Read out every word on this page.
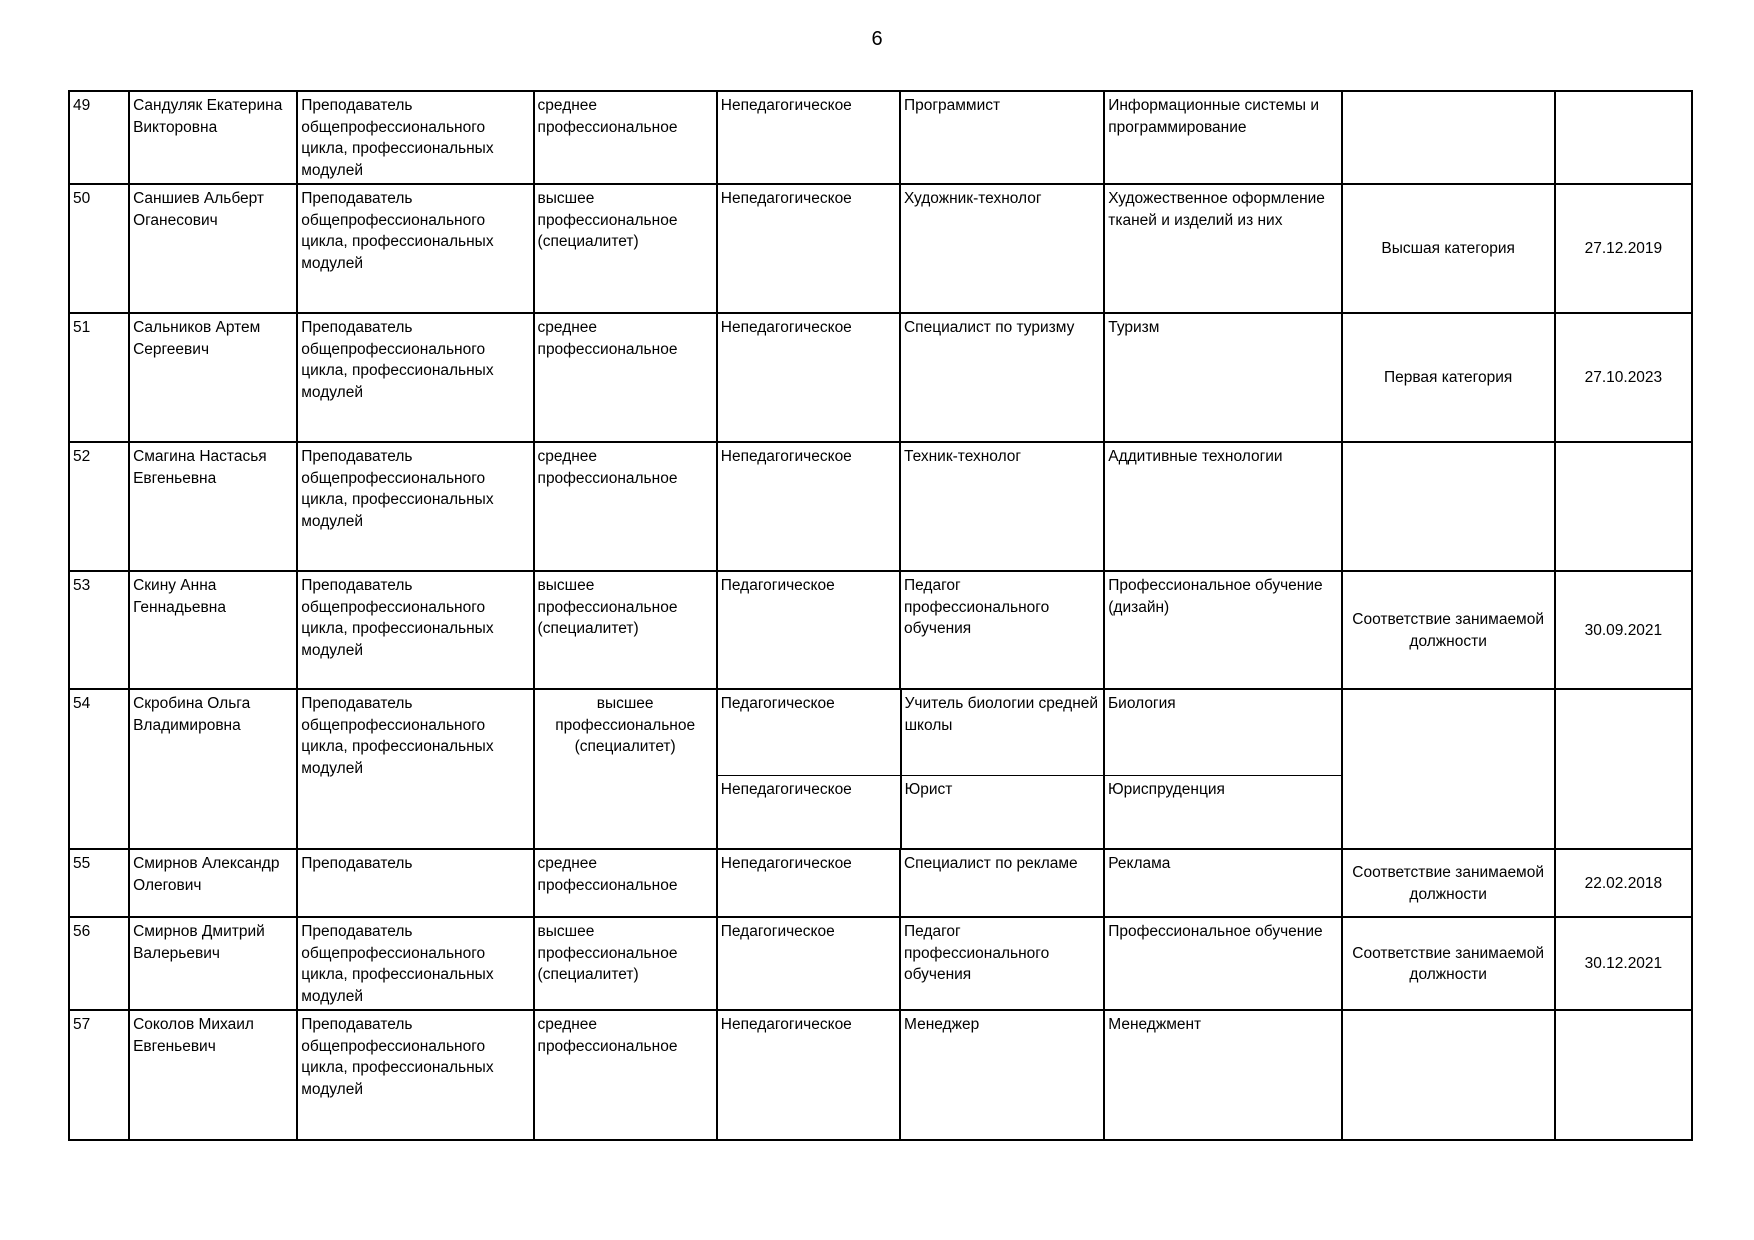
6
49	Сандуляк Екатерина Викторовна	Преподаватель общепрофессионального цикла, профессиональных модулей	среднее профессиональное	Непедагогическое	Программист	Информационные системы и программирование		
50	Саншиев Альберт Оганесович	Преподаватель общепрофессионального цикла, профессиональных модулей	высшее профессиональное (специалитет)	Непедагогическое	Художник-технолог	Художественное оформление тканей и изделий из них	Высшая категория	27.12.2019
51	Сальников Артем Сергеевич	Преподаватель общепрофессионального цикла, профессиональных модулей	среднее профессиональное	Непедагогическое	Специалист по туризму	Туризм	Первая категория	27.10.2023
52	Смагина Настасья Евгеньевна	Преподаватель общепрофессионального цикла, профессиональных модулей	среднее профессиональное	Непедагогическое	Техник-технолог	Аддитивные технологии		
53	Скину Анна Геннадьевна	Преподаватель общепрофессионального цикла, профессиональных модулей	высшее профессиональное (специалитет)	Педагогическое	Педагог профессионального обучения	Профессиональное обучение (дизайн)	Соответствие занимаемой должности	30.09.2021
54	Скробина Ольга Владимировна	Преподаватель общепрофессионального цикла, профессиональных модулей	высшее профессиональное (специалитет)	
Педагогическое	Учитель биологии средней школы	Биология
Непедагогическое	Юрист	Юриспруденция

55	Смирнов Александр Олегович	Преподаватель	среднее профессиональное	Непедагогическое	Специалист по рекламе	Реклама	Соответствие занимаемой должности	22.02.2018
56	Смирнов Дмитрий Валерьевич	Преподаватель общепрофессионального цикла, профессиональных модулей	высшее профессиональное (специалитет)	Педагогическое	Педагог профессионального обучения	Профессиональное обучение	Соответствие занимаемой должности	30.12.2021
57	Соколов Михаил Евгеньевич	Преподаватель общепрофессионального цикла, профессиональных модулей	среднее профессиональное	Непедагогическое	Менеджер	Менеджмент		
